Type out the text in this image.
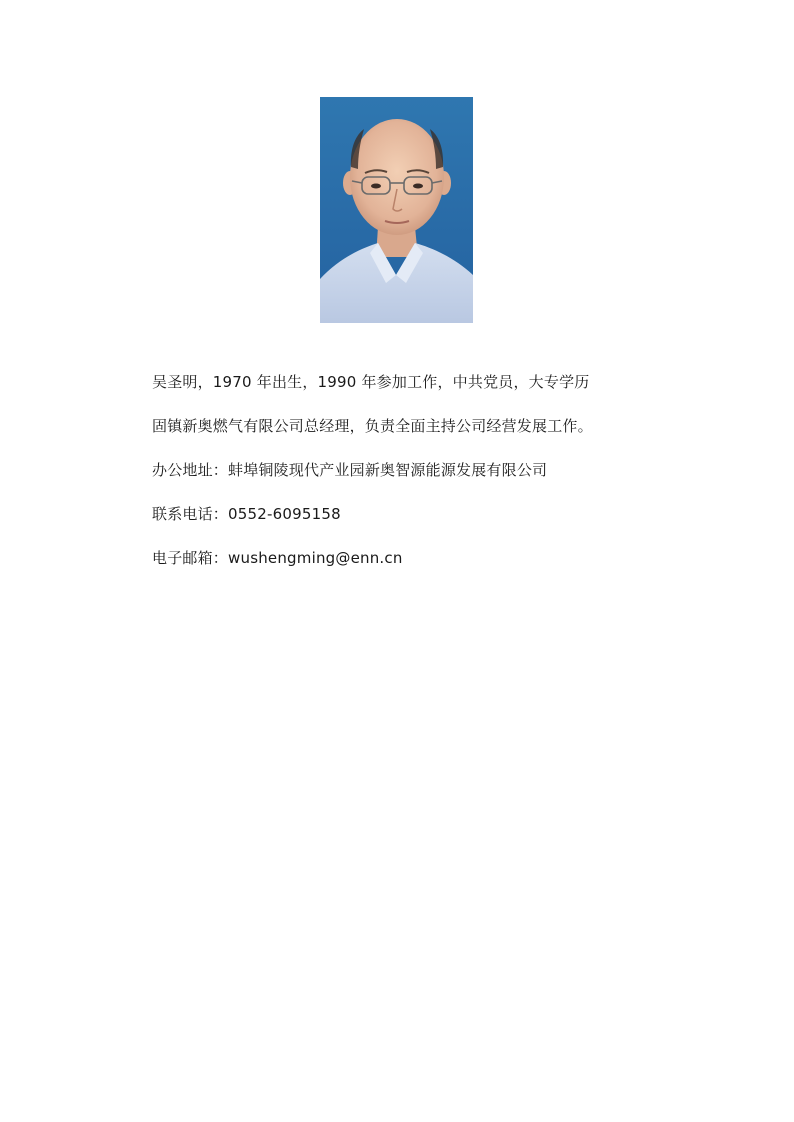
吴圣明，1970 年出生，1990 年参加工作，中共党员，大专学历
固镇新奥燃气有限公司总经理，负责全面主持公司经营发展工作。
办公地址：蚌埠铜陵现代产业园新奥智源能源发展有限公司
联系电话：0552-6095158
电子邮箱：wushengming@enn.cn
